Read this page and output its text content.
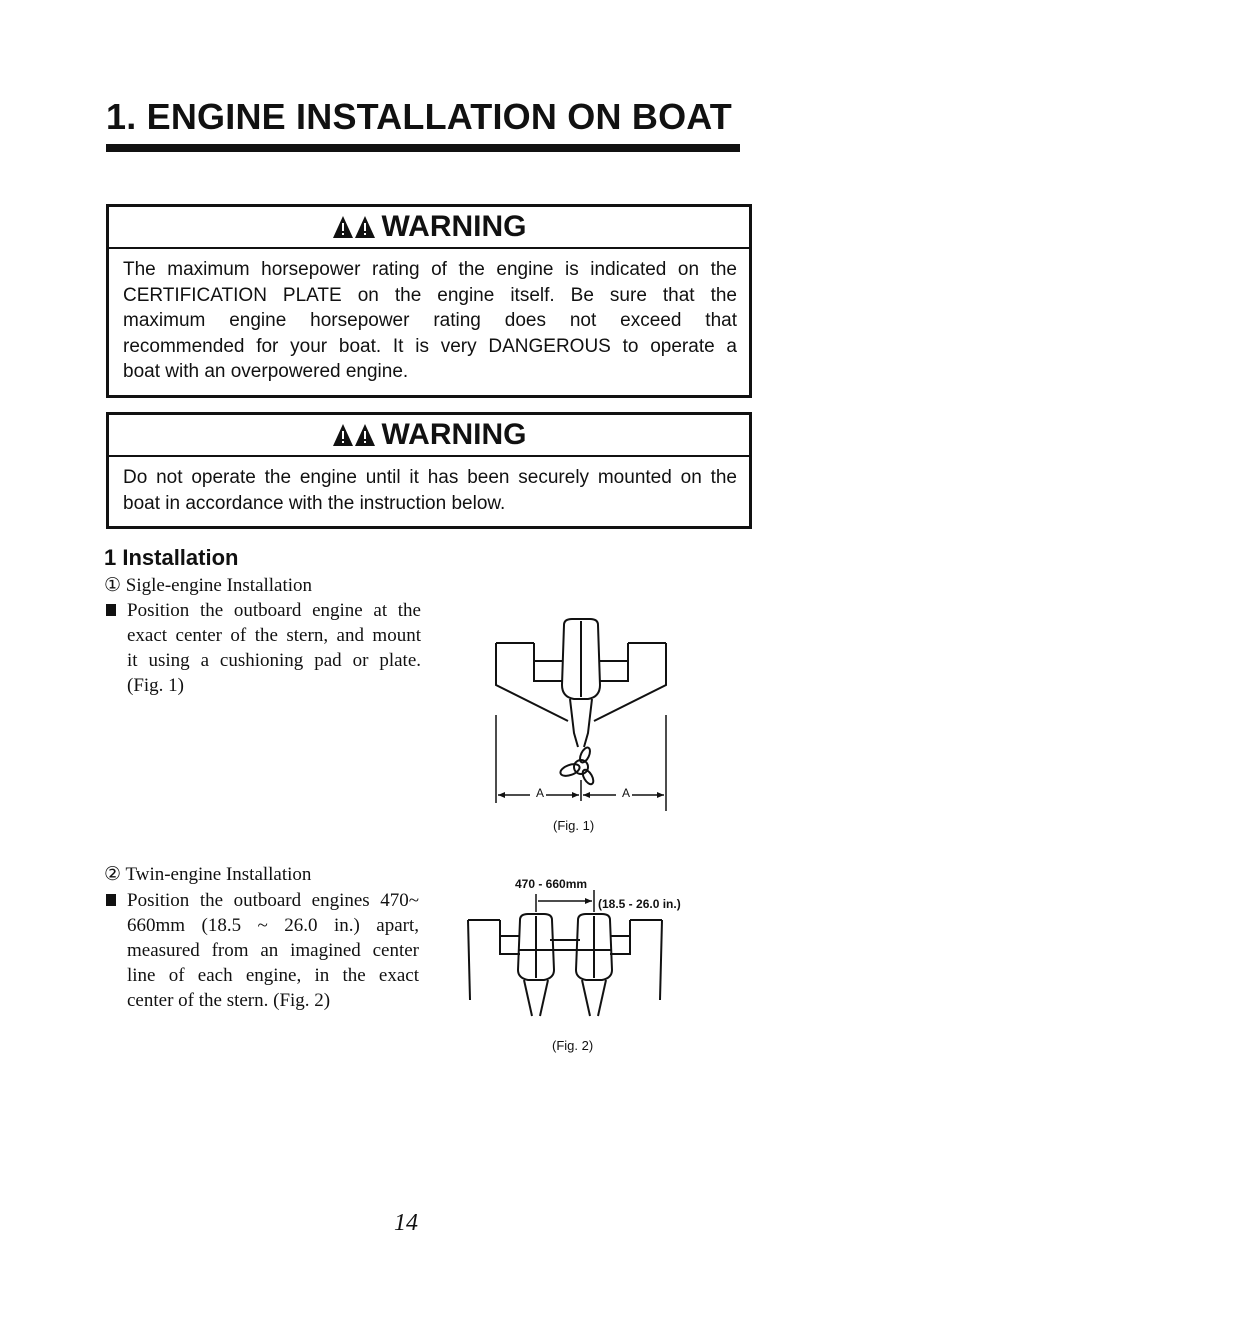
1. ENGINE INSTALLATION ON BOAT
WARNING
The maximum horsepower rating of the engine is indicated on the
CERTIFICATION PLATE on the engine itself. Be sure that the
maximum engine horsepower rating does not exceed that
recommended for your boat. It is very DANGEROUS to operate a
boat with an overpowered engine.
WARNING
Do not operate the engine until it has been securely mounted on the
boat in accordance with the instruction below.
1 Installation
① Sigle-engine Installation
Position the outboard engine at the
exact center of the stern, and mount
it using a cushioning pad or plate.
(Fig. 1)
A	A
(Fig. 1)
② Twin-engine Installation
Position the outboard engines 470~
660mm (18.5 ~ 26.0 in.) apart,
measured from an imagined center
line of each engine, in the exact
center of the stern. (Fig. 2)
470 - 660mm
(18.5 - 26.0 in.)
(Fig. 2)
14
